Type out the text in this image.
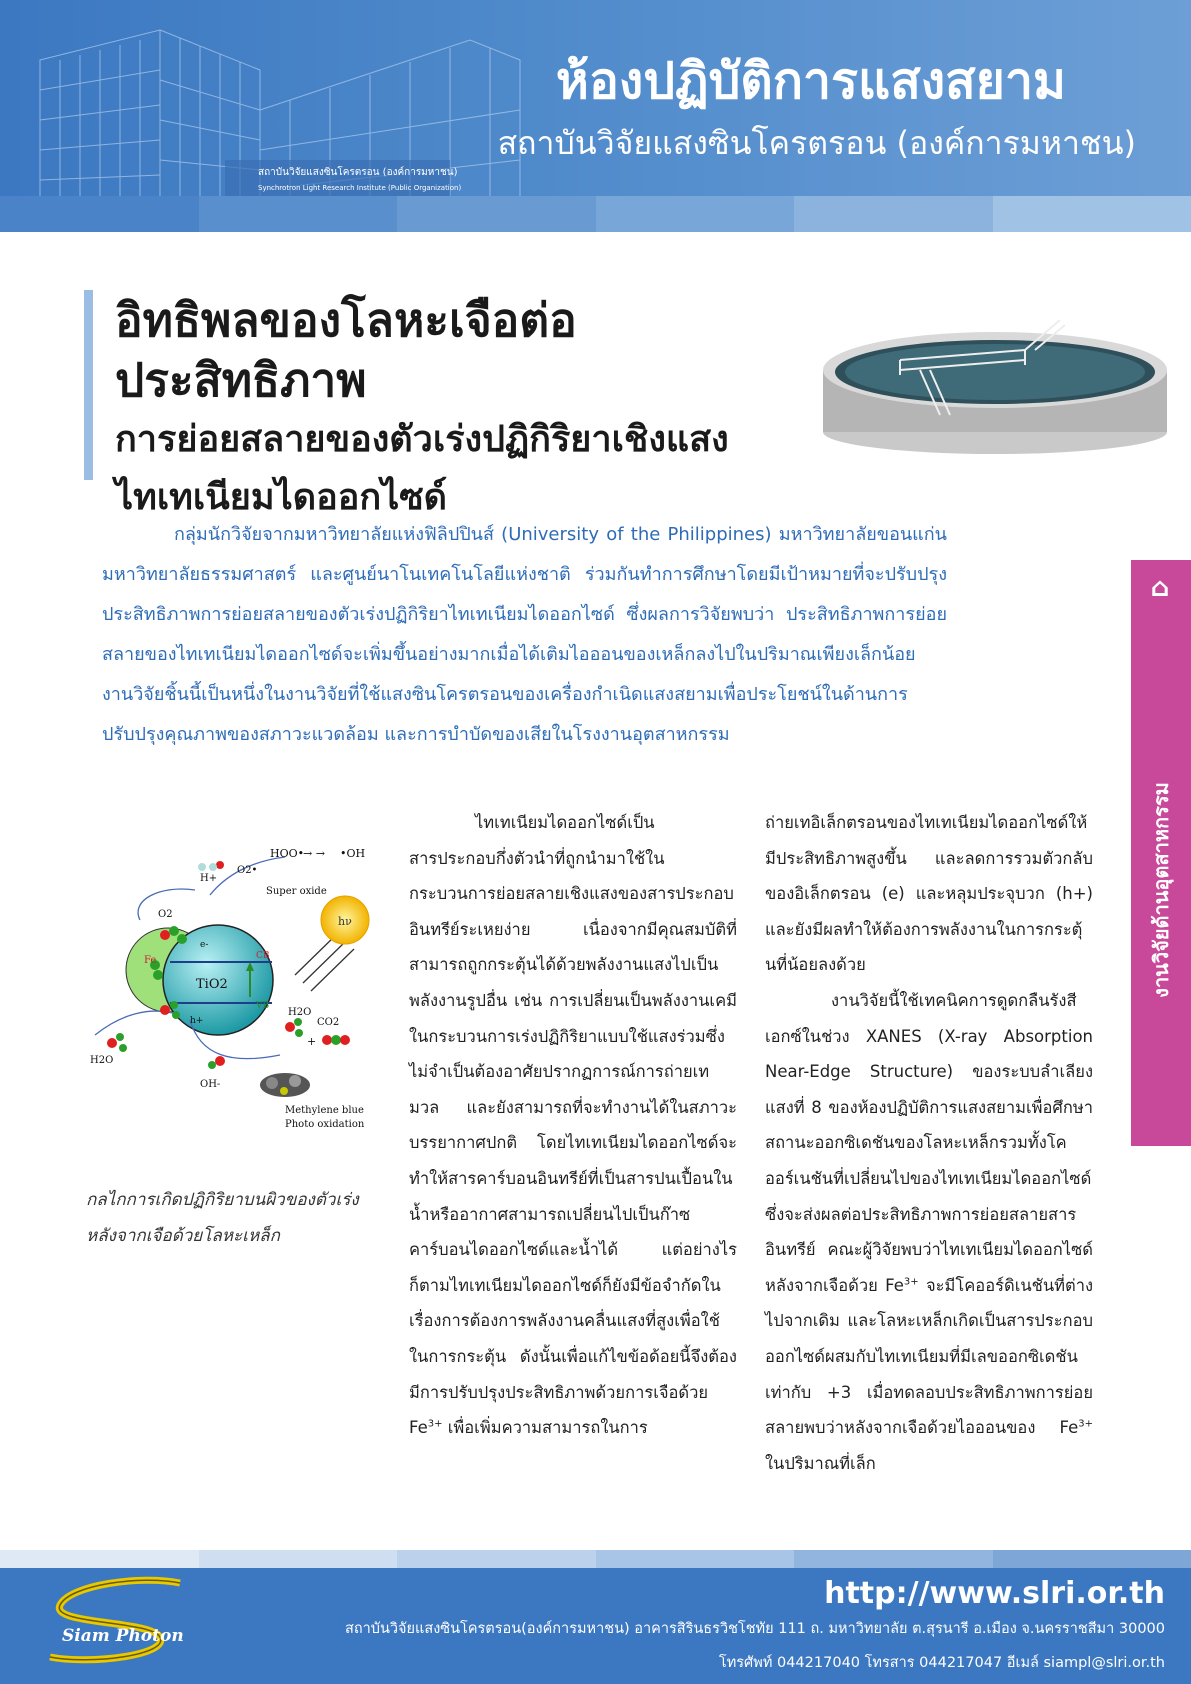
สถาบันวิจัยแสงซินโครตรอน (องค์การมหาชน)
Synchrotron Light Research Institute (Public Organization)
ห้องปฏิบัติการแสงสยาม
สถาบันวิจัยแสงซินโครตรอน (องค์การมหาชน)

อิทธิพลของโลหะเจือต่อประสิทธิภาพ

การย่อยสลายของตัวเร่งปฏิกิริยาเชิงแสง

ไทเทเนียมไดออกไซด์

กลุ่มนักวิจัยจากมหาวิทยาลัยแห่งฟิลิปปินส์ (University of the Philippines) มหาวิทยาลัยขอนแก่น มหาวิทยาลัยธรรมศาสตร์ และศูนย์นาโนเทคโนโลยีแห่งชาติ ร่วมกันทำการศึกษาโดยมีเป้าหมายที่จะปรับปรุงประสิทธิภาพการย่อยสลายของตัวเร่งปฏิกิริยาไทเทเนียมไดออกไซด์ ซึ่งผลการวิจัยพบว่า ประสิทธิภาพการย่อยสลายของไทเทเนียมไดออกไซด์จะเพิ่มขึ้นอย่างมากเมื่อได้เติมไอออนของเหล็กลงไปในปริมาณเพียงเล็กน้อย งานวิจัยชิ้นนี้เป็นหนึ่งในงานวิจัยที่ใช้แสงซินโครตรอนของเครื่องกำเนิดแสงสยามเพื่อประโยชน์ในด้านการปรับปรุงคุณภาพของสภาวะแวดล้อม และการบำบัดของเสียในโรงงานอุตสาหกรรม
⌂
งานวิจัยด้านอุตสาหกรรม
HOO•
→ → •OH
H+
O2•
Super oxide
O2
e-
hν
Fe
TiO2
CB
VB
h+
H2O
H2O
CO2
+
OH-
Methylene blue
Photo oxidation
กลไกการเกิดปฏิกิริยาบนผิวของตัวเร่งหลังจากเจือด้วยโลหะเหล็ก

ไทเทเนียมไดออกไซด์เป็นสารประกอบกึ่งตัวนำที่ถูกนำมาใช้ในกระบวนการย่อยสลายเชิงแสงของสารประกอบอินทรีย์ระเหยง่าย เนื่องจากมีคุณสมบัติที่สามารถถูกกระตุ้นได้ด้วยพลังงานแสงไปเป็นพลังงานรูปอื่น เช่น การเปลี่ยนเป็นพลังงานเคมีในกระบวนการเร่งปฏิกิริยาแบบใช้แสงร่วมซึ่งไม่จำเป็นต้องอาศัยปรากฏการณ์การถ่ายเทมวล และยังสามารถที่จะทำงานได้ในสภาวะบรรยากาศปกติ โดยไทเทเนียมไดออกไซด์จะทำให้สารคาร์บอนอินทรีย์ที่เป็นสารปนเปื้อนในน้ำหรืออากาศสามารถเปลี่ยนไปเป็นก๊าซคาร์บอนไดออกไซด์และน้ำได้ แต่อย่างไรก็ตามไทเทเนียมไดออกไซด์ก็ยังมีข้อจำกัดในเรื่องการต้องการพลังงานคลื่นแสงที่สูงเพื่อใช้ในการกระตุ้น ดังนั้นเพื่อแก้ไขข้อด้อยนี้จึงต้องมีการปรับปรุงประสิทธิภาพด้วยการเจือด้วย $Fe^{3+}$ เพื่อเพิ่มความสามารถในการ

ถ่ายเทอิเล็กตรอนของไทเทเนียมไดออกไซด์ให้มีประสิทธิภาพสูงขึ้น และลดการรวมตัวกลับของอิเล็กตรอน (e) และหลุมประจุบวก (h+) และยังมีผลทำให้ต้องการพลังงานในการกระตุ้นที่น้อยลงด้วย

งานวิจัยนี้ใช้เทคนิคการดูดกลืนรังสีเอกซ์ในช่วง XANES (X-ray Absorption Near-Edge Structure) ของระบบลำเลียงแสงที่ 8 ของห้องปฏิบัติการแสงสยามเพื่อศึกษาสถานะออกซิเดชันของโลหะเหล็กรวมทั้งโคออร์เนชันที่เปลี่ยนไปของไทเทเนียมไดออกไซด์ ซึ่งจะส่งผลต่อประสิทธิภาพการย่อยสลายสารอินทรีย์ คณะผู้วิจัยพบว่าไทเทเนียมไดออกไซด์หลังจากเจือด้วย $Fe^{3+}$ จะมีโคออร์ดิเนชันที่ต่างไปจากเดิม และโลหะเหล็กเกิดเป็นสารประกอบออกไซด์ผสมกับไทเทเนียมที่มีเลขออกซิเดชันเท่ากับ +3 เมื่อทดลอบประสิทธิภาพการย่อยสลายพบว่าหลังจากเจือด้วยไอออนของ $Fe^{3+}$ ในปริมาณที่เล็ก

Siam Photon
http://www.slri.or.th
สถาบันวิจัยแสงซินโครตรอน(องค์การมหาชน) อาคารสิรินธรวิชโชทัย 111 ถ. มหาวิทยาลัย ต.สุรนารี อ.เมือง จ.นครราชสีมา 30000
โทรศัพท์ 044217040 โทรสาร 044217047 อีเมล์ siampl@slri.or.th
